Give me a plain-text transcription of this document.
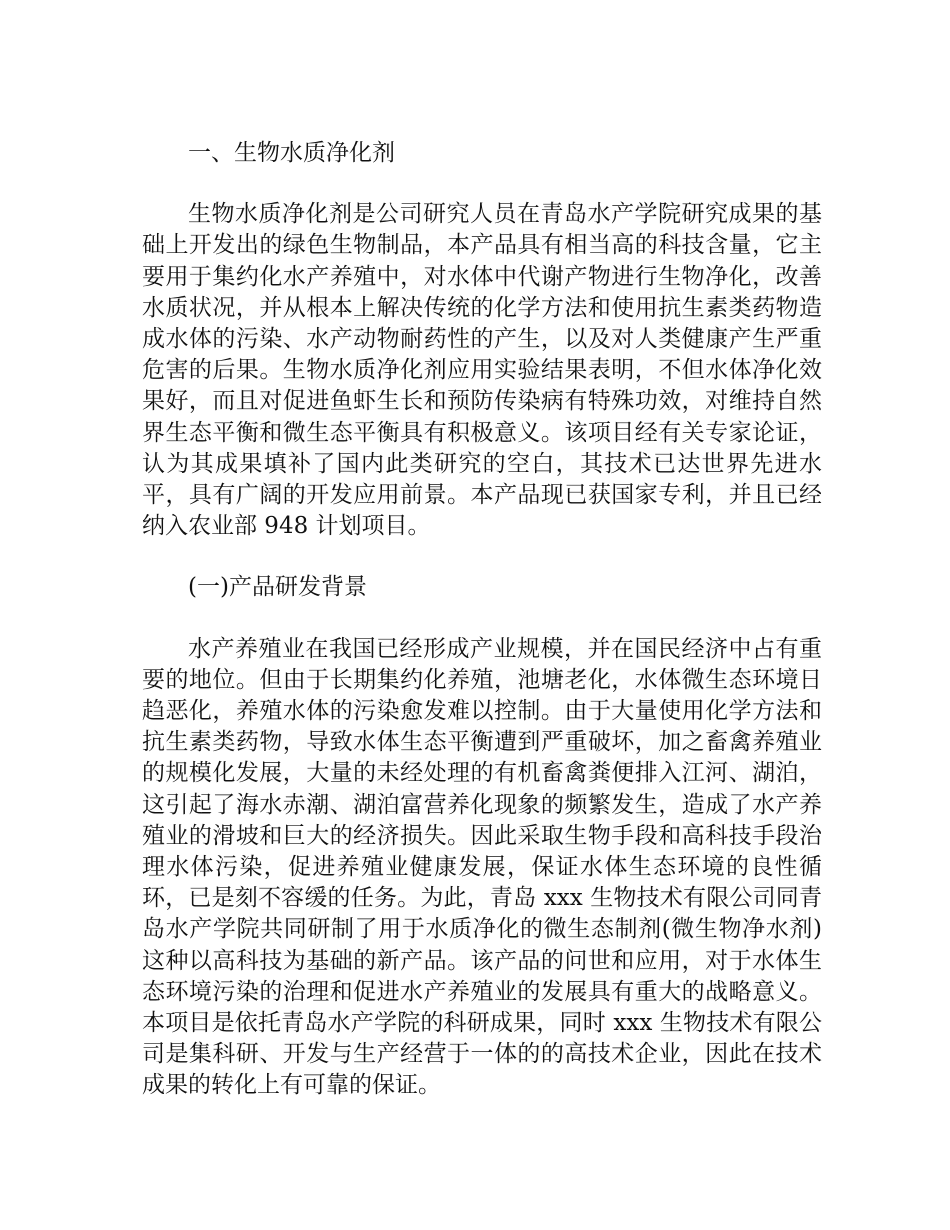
一、生物水质净化剂

生物水质净化剂是公司研究人员在青岛水产学院研究成果的基础上开发出的绿色生物制品，本产品具有相当高的科技含量，它主要用于集约化水产养殖中，对水体中代谢产物进行生物净化，改善水质状况，并从根本上解决传统的化学方法和使用抗生素类药物造成水体的污染、水产动物耐药性的产生，以及对人类健康产生严重危害的后果。生物水质净化剂应用实验结果表明，不但水体净化效果好，而且对促进鱼虾生长和预防传染病有特殊功效，对维持自然界生态平衡和微生态平衡具有积极意义。该项目经有关专家论证，认为其成果填补了国内此类研究的空白，其技术已达世界先进水平，具有广阔的开发应用前景。本产品现已获国家专利，并且已经纳入农业部 948 计划项目。

(一)产品研发背景

水产养殖业在我国已经形成产业规模，并在国民经济中占有重要的地位。但由于长期集约化养殖，池塘老化，水体微生态环境日趋恶化，养殖水体的污染愈发难以控制。由于大量使用化学方法和抗生素类药物，导致水体生态平衡遭到严重破坏，加之畜禽养殖业的规模化发展，大量的未经处理的有机畜禽粪便排入江河、湖泊，这引起了海水赤潮、湖泊富营养化现象的频繁发生，造成了水产养殖业的滑坡和巨大的经济损失。因此采取生物手段和高科技手段治理水体污染，促进养殖业健康发展，保证水体生态环境的良性循环，已是刻不容缓的任务。为此，青岛 xxx 生物技术有限公司同青岛水产学院共同研制了用于水质净化的微生态制剂(微生物净水剂)这种以高科技为基础的新产品。该产品的问世和应用，对于水体生态环境污染的治理和促进水产养殖业的发展具有重大的战略意义。本项目是依托青岛水产学院的科研成果，同时 xxx 生物技术有限公司是集科研、开发与生产经营于一体的的高技术企业，因此在技术成果的转化上有可靠的保证。
